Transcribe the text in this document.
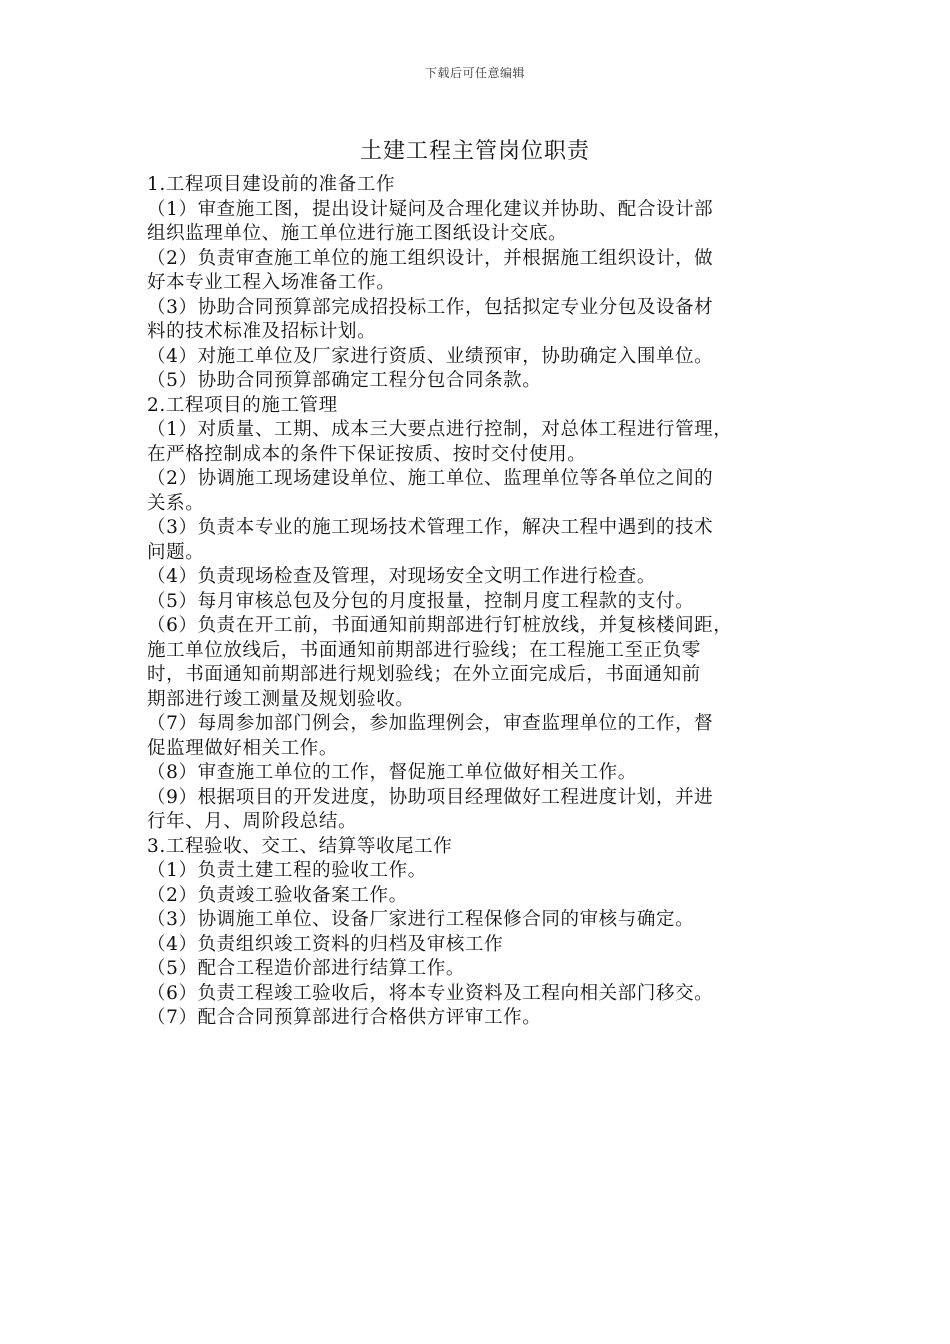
下载后可任意编辑
土建工程主管岗位职责
1.工程项目建设前的准备工作
（1）审查施工图，提出设计疑问及合理化建议并协助、配合设计部
组织监理单位、施工单位进行施工图纸设计交底。
（2）负责审查施工单位的施工组织设计，并根据施工组织设计，做
好本专业工程入场准备工作。
（3）协助合同预算部完成招投标工作，包括拟定专业分包及设备材
料的技术标准及招标计划。
（4）对施工单位及厂家进行资质、业绩预审，协助确定入围单位。
（5）协助合同预算部确定工程分包合同条款。
2.工程项目的施工管理
（1）对质量、工期、成本三大要点进行控制，对总体工程进行管理，
在严格控制成本的条件下保证按质、按时交付使用。
（2）协调施工现场建设单位、施工单位、监理单位等各单位之间的
关系。
（3）负责本专业的施工现场技术管理工作，解决工程中遇到的技术
问题。
（4）负责现场检查及管理，对现场安全文明工作进行检查。
（5）每月审核总包及分包的月度报量，控制月度工程款的支付。
（6）负责在开工前，书面通知前期部进行钉桩放线，并复核楼间距，
施工单位放线后，书面通知前期部进行验线；在工程施工至正负零
时，书面通知前期部进行规划验线；在外立面完成后，书面通知前
期部进行竣工测量及规划验收。
（7）每周参加部门例会，参加监理例会，审查监理单位的工作，督
促监理做好相关工作。
（8）审查施工单位的工作，督促施工单位做好相关工作。
（9）根据项目的开发进度，协助项目经理做好工程进度计划，并进
行年、月、周阶段总结。
3.工程验收、交工、结算等收尾工作
（1）负责土建工程的验收工作。
（2）负责竣工验收备案工作。
（3）协调施工单位、设备厂家进行工程保修合同的审核与确定。
（4）负责组织竣工资料的归档及审核工作
（5）配合工程造价部进行结算工作。
（6）负责工程竣工验收后，将本专业资料及工程向相关部门移交。
（7）配合合同预算部进行合格供方评审工作。
